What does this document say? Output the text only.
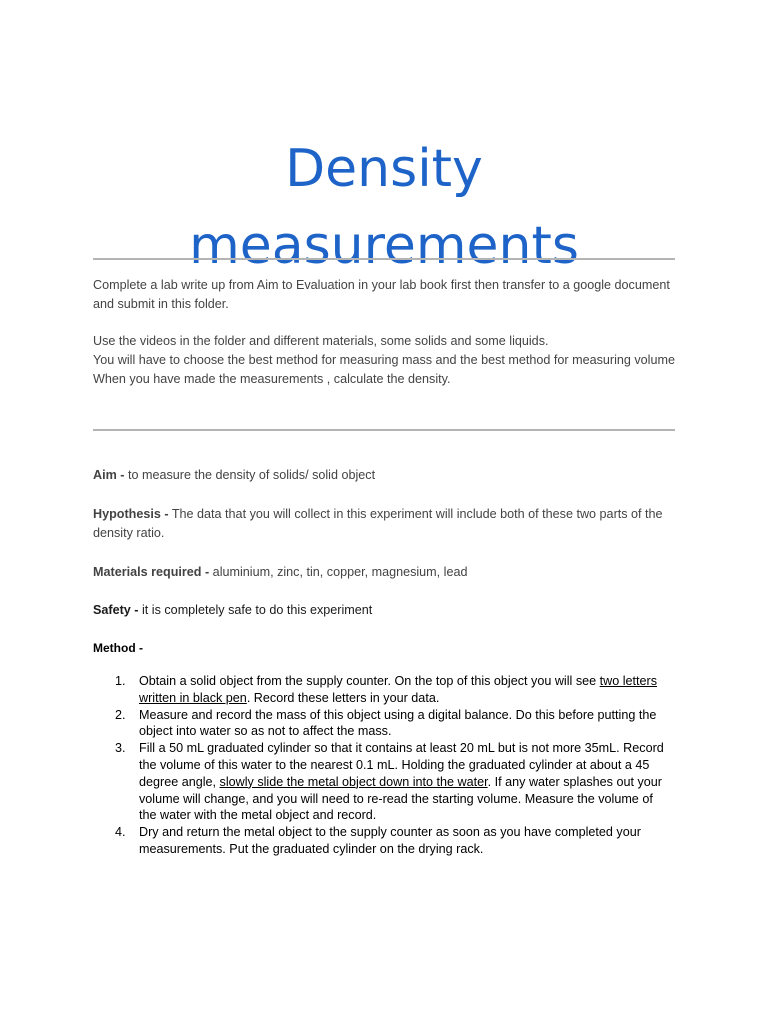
Density
measurements

Complete a lab write up from Aim to Evaluation in your lab book first then transfer to a google document and submit in this folder.

Use the videos in the folder and different materials, some solids and some liquids.

You will have to choose the best method for measuring mass and the best method for measuring volume

When you have made the measurements , calculate the density.

Aim - to measure the density of solids/ solid object
Hypothesis - The data that you will collect in this experiment will include both of these two parts of the density ratio.
Materials required - aluminium, zinc, tin, copper, magnesium, lead
Safety - it is completely safe to do this experiment
Method -
1. Obtain a solid object from the supply counter. On the top of this object you will see two letters written in black pen. Record these letters in your data.
2. Measure and record the mass of this object using a digital balance. Do this before putting the object into water so as not to affect the mass.
3. Fill a 50 mL graduated cylinder so that it contains at least 20 mL but is not more 35mL. Record the volume of this water to the nearest 0.1 mL. Holding the graduated cylinder at about a 45 degree angle, slowly slide the metal object down into the water. If any water splashes out your volume will change, and you will need to re-read the starting volume. Measure the volume of the water with the metal object and record.
4. Dry and return the metal object to the supply counter as soon as you have completed your measurements. Put the graduated cylinder on the drying rack.
